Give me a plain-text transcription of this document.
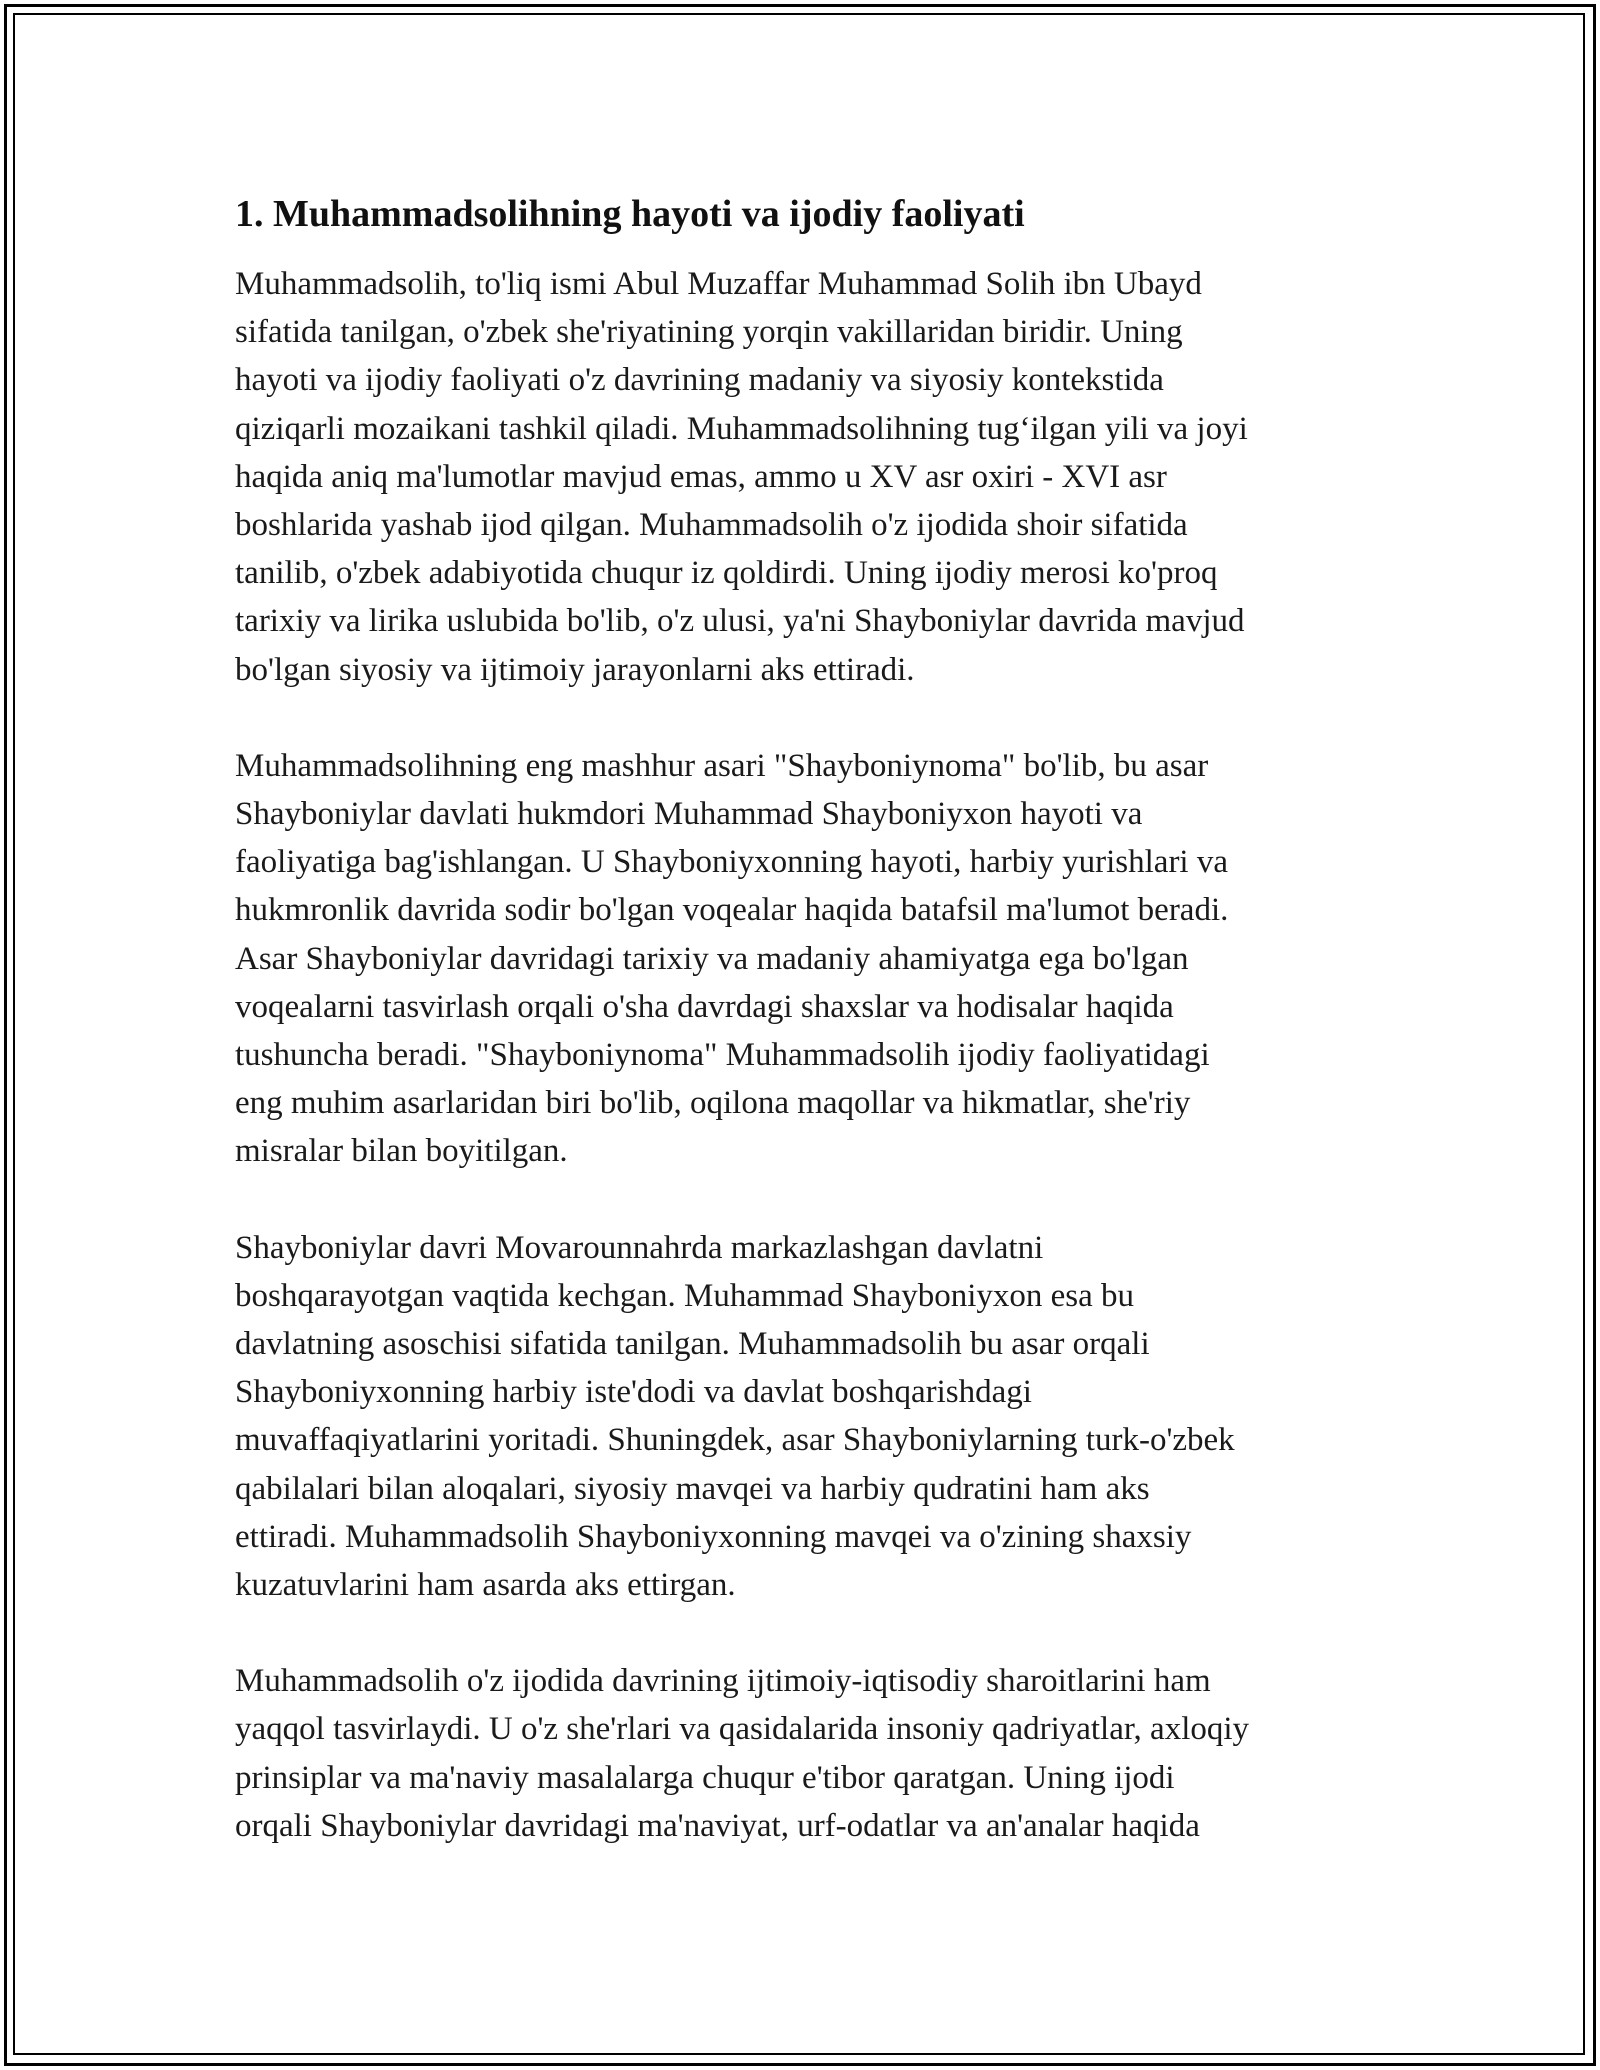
1. Muhammadsolihning hayoti va ijodiy faoliyati

Muhammadsolih, to'liq ismi Abul Muzaffar Muhammad Solih ibn Ubayd
sifatida tanilgan, o'zbek she'riyatining yorqin vakillaridan biridir. Uning
hayoti va ijodiy faoliyati o'z davrining madaniy va siyosiy kontekstida
qiziqarli mozaikani tashkil qiladi. Muhammadsolihning tug‘ilgan yili va joyi
haqida aniq ma'lumotlar mavjud emas, ammo u XV asr oxiri - XVI asr
boshlarida yashab ijod qilgan. Muhammadsolih o'z ijodida shoir sifatida
tanilib, o'zbek adabiyotida chuqur iz qoldirdi. Uning ijodiy merosi ko'proq
tarixiy va lirika uslubida bo'lib, o'z ulusi, ya'ni Shayboniylar davrida mavjud
bo'lgan siyosiy va ijtimoiy jarayonlarni aks ettiradi.

Muhammadsolihning eng mashhur asari "Shayboniynoma" bo'lib, bu asar
Shayboniylar davlati hukmdori Muhammad Shayboniyxon hayoti va
faoliyatiga bag'ishlangan. U Shayboniyxonning hayoti, harbiy yurishlari va
hukmronlik davrida sodir bo'lgan voqealar haqida batafsil ma'lumot beradi.
Asar Shayboniylar davridagi tarixiy va madaniy ahamiyatga ega bo'lgan
voqealarni tasvirlash orqali o'sha davrdagi shaxslar va hodisalar haqida
tushuncha beradi. "Shayboniynoma" Muhammadsolih ijodiy faoliyatidagi
eng muhim asarlaridan biri bo'lib, oqilona maqollar va hikmatlar, she'riy
misralar bilan boyitilgan.

Shayboniylar davri Movarounnahrda markazlashgan davlatni
boshqarayotgan vaqtida kechgan. Muhammad Shayboniyxon esa bu
davlatning asoschisi sifatida tanilgan. Muhammadsolih bu asar orqali
Shayboniyxonning harbiy iste'dodi va davlat boshqarishdagi
muvaffaqiyatlarini yoritadi. Shuningdek, asar Shayboniylarning turk-o'zbek
qabilalari bilan aloqalari, siyosiy mavqei va harbiy qudratini ham aks
ettiradi. Muhammadsolih Shayboniyxonning mavqei va o'zining shaxsiy
kuzatuvlarini ham asarda aks ettirgan.

Muhammadsolih o'z ijodida davrining ijtimoiy-iqtisodiy sharoitlarini ham
yaqqol tasvirlaydi. U o'z she'rlari va qasidalarida insoniy qadriyatlar, axloqiy
prinsiplar va ma'naviy masalalarga chuqur e'tibor qaratgan. Uning ijodi
orqali Shayboniylar davridagi ma'naviyat, urf-odatlar va an'analar haqida
